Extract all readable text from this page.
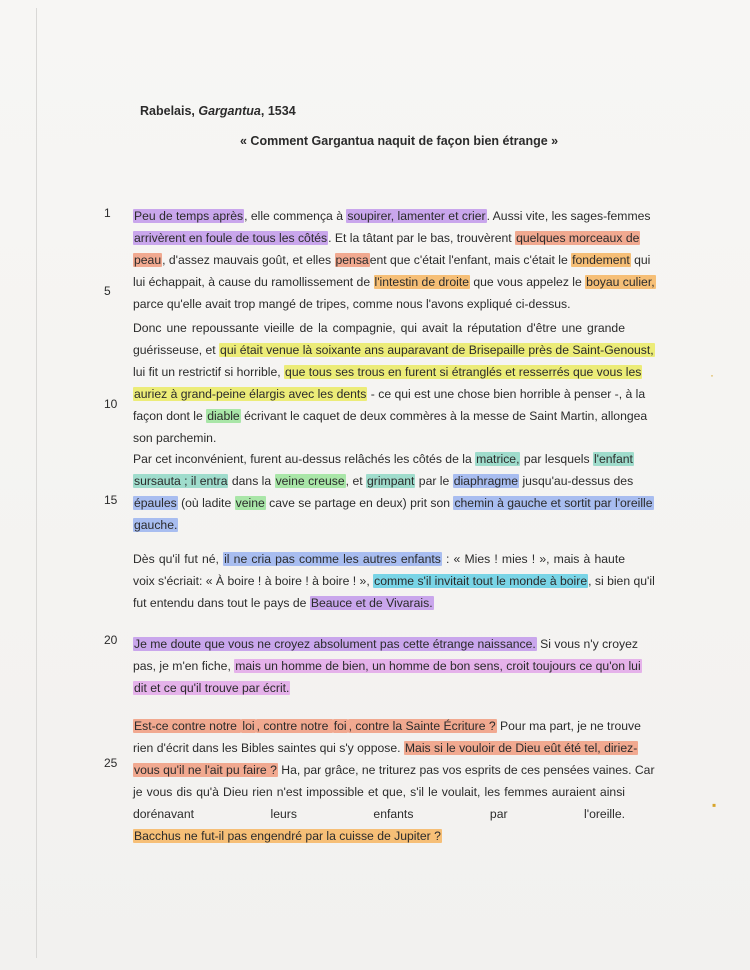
·
▪
Rabelais, Gargantua, 1534
« Comment Gargantua naquit de façon bien étrange »
1
5
10
15
20
25
Peu de temps après, elle commença à soupirer, lamenter et crier. Aussi vite, les sages-femmes
arrivèrent en foule de tous les côtés. Et la tâtant par le bas, trouvèrent quelques morceaux de
peau, d'assez mauvais goût, et elles pensaent que c'était l'enfant, mais c'était le fondement qui
lui échappait, à cause du ramollissement de l'intestin de droite que vous appelez le boyau culier,
parce qu'elle avait trop mangé de tripes, comme nous l'avons expliqué ci-dessus.
Donc une repoussante vieille de la compagnie, qui avait la réputation d'être une grande
guérisseuse, et qui était venue là soixante ans auparavant de Brisepaille près de Saint-Genoust,
lui fit un restrictif si horrible, que tous ses trous en furent si étranglés et resserrés que vous les
auriez à grand-peine élargis avec les dents - ce qui est une chose bien horrible à penser -, à la
façon dont le diable écrivant le caquet de deux commères à la messe de Saint Martin, allongea
son parchemin.
Par cet inconvénient, furent au-dessus relâchés les côtés de la matrice, par lesquels l'enfant
sursauta ; il entra dans la veine creuse, et grimpant par le diaphragme jusqu'au-dessus des
épaules (où ladite veine cave se partage en deux) prit son chemin à gauche et sortit par l'oreille
gauche.
Dès qu'il fut né, il ne cria pas comme les autres enfants : « Mies ! mies ! », mais à haute
voix s'écriait: « À boire ! à boire ! à boire ! », comme s'il invitait tout le monde à boire, si bien qu'il
fut entendu dans tout le pays de Beauce et de Vivarais.
Je me doute que vous ne croyez absolument pas cette étrange naissance. Si vous n'y croyez
pas, je m'en fiche, mais un homme de bien, un homme de bon sens, croit toujours ce qu'on lui
dit et ce qu'il trouve par écrit.
Est-ce contre notre loi , contre notre foi , contre la Sainte Écriture ? Pour ma part, je ne trouve
rien d'écrit dans les Bibles saintes qui s'y oppose. Mais si le vouloir de Dieu eût été tel, diriez-
vous qu'il ne l'ait pu faire ? Ha, par grâce, ne triturez pas vos esprits de ces pensées vaines. Car
je vous dis qu'à Dieu rien n'est impossible et que, s'il le voulait, les femmes auraient ainsi
dorénavant leurs enfants par l'oreille.
Bacchus ne fut-il pas engendré par la cuisse de Jupiter ?
